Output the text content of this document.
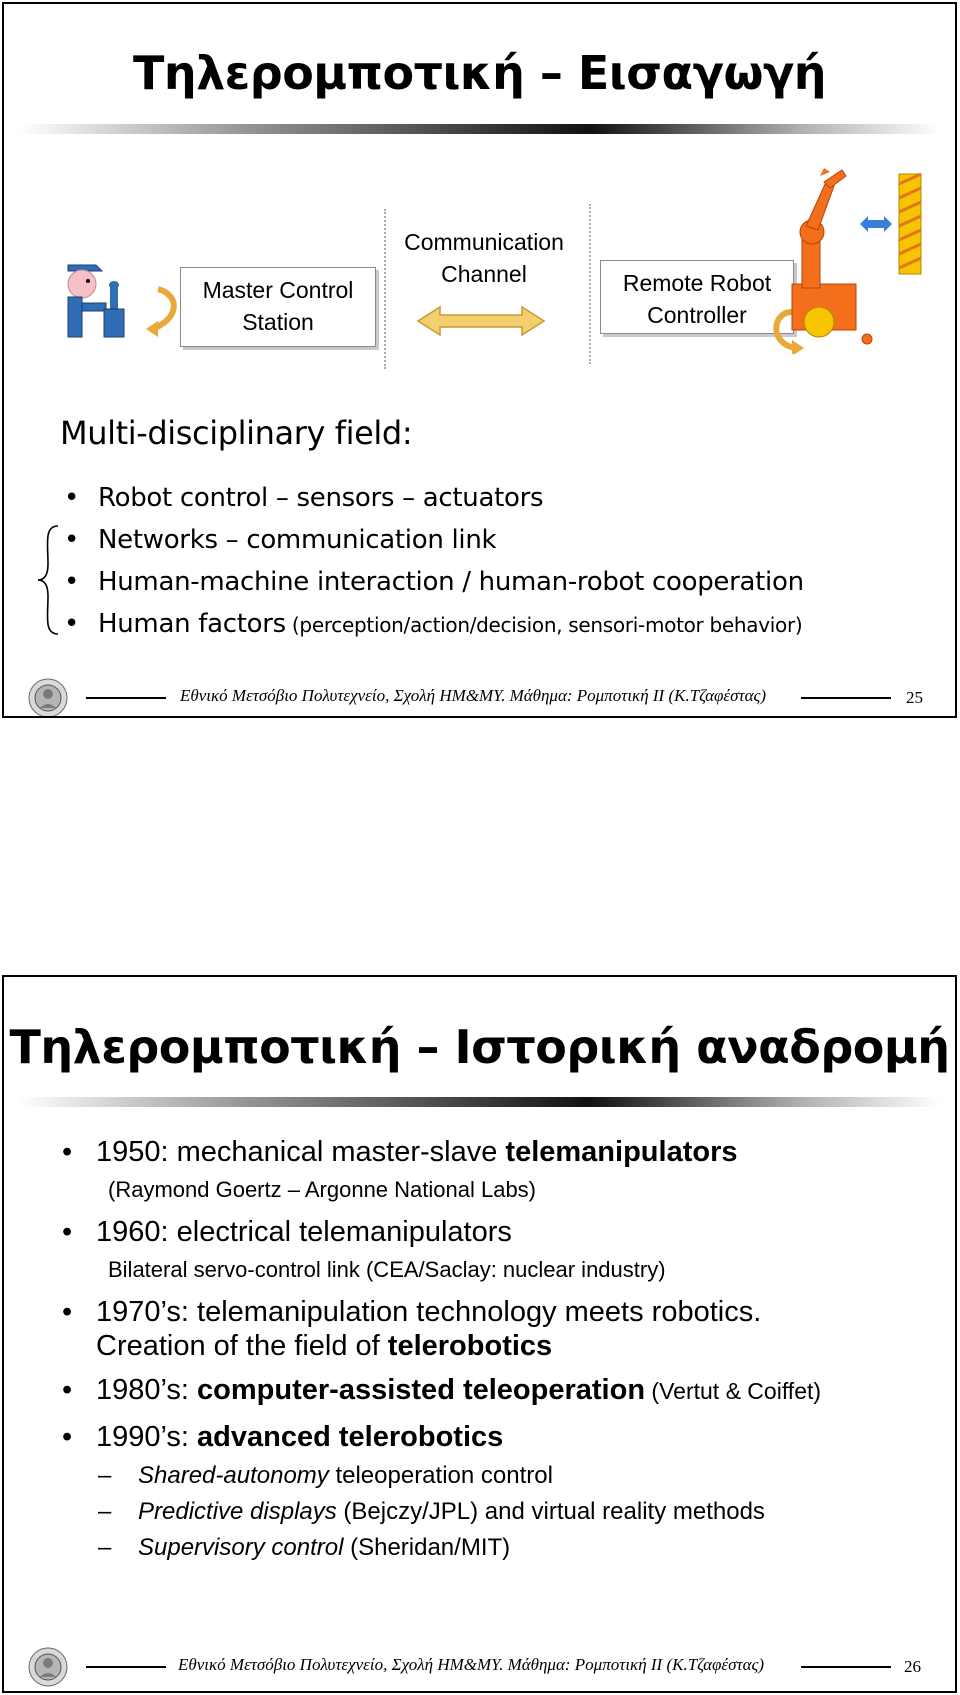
Τηλερομποτική – Εισαγωγή
Master Control
Station
Communication
Channel	Remote Robot
Controller
Multi-disciplinary field:
• Robot control – sensors – actuators
• Networks – communication link
• Human-machine interaction / human-robot cooperation
• Human factors (perception/action/decision, sensori-motor behavior)
Εθνικό Μετσόβιο Πολυτεχνείο, Σχολή ΗΜ&ΜΥ. Μάθημα: Ρομποτική ΙΙ (Κ.Τζαφέστας)	25
Τηλερομποτική – Ιστορική αναδρομή
• 1950: mechanical master-slave telemanipulators
(Raymond Goertz – Argonne National Labs)
• 1960: electrical telemanipulators
Bilateral servo-control link (CEA/Saclay: nuclear industry)
• 1970’s: telemanipulation technology meets robotics.
Creation of the field of telerobotics
• 1980’s: computer-assisted teleoperation (Vertut & Coiffet)
• 1990’s: advanced telerobotics
– Shared-autonomy teleoperation control
– Predictive displays (Bejczy/JPL) and virtual reality methods
– Supervisory control (Sheridan/MIT)
Εθνικό Μετσόβιο Πολυτεχνείο, Σχολή ΗΜ&ΜΥ. Μάθημα: Ρομποτική ΙΙ (Κ.Τζαφέστας)	26
